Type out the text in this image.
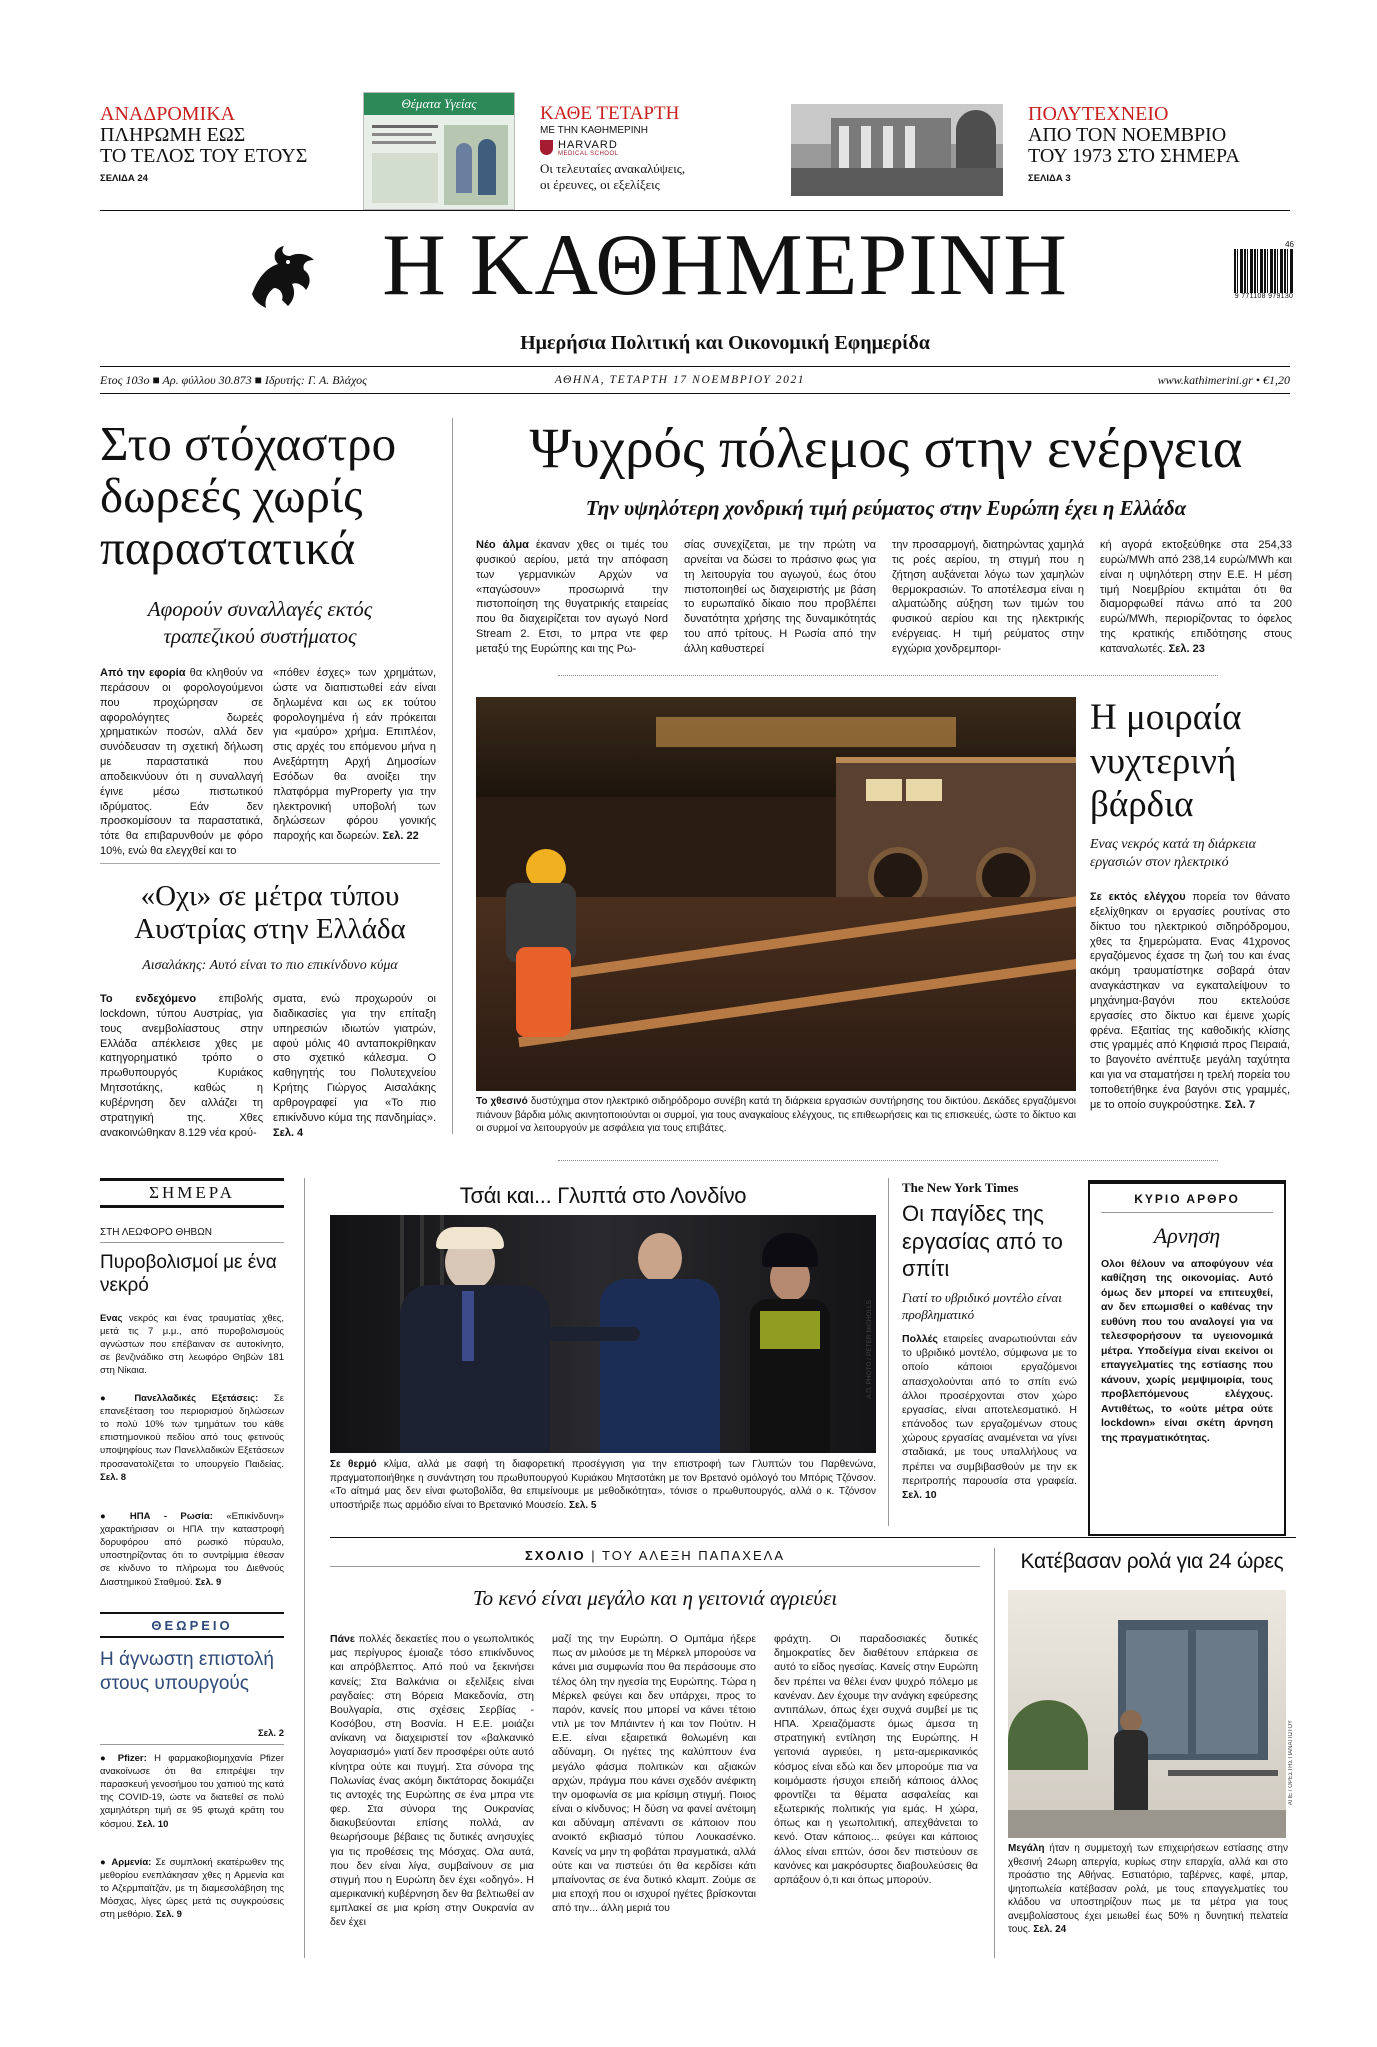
ΑΝΑΔΡΟΜΙΚΑ
ΠΛΗΡΩΜΗ ΕΩΣ
ΤΟ ΤΕΛΟΣ ΤΟΥ ΕΤΟΥΣ
ΣΕΛΙΔΑ 24
Θέματα Υγείας	ΚΑΘΕ ΤΕΤΑΡΤΗ
ΜΕ ΤΗΝ ΚΑΘΗΜΕΡΙΝΗ
HARVARD
MEDICAL SCHOOL
Οι τελευταίες ανακαλύψεις,
οι έρευνες, οι εξελίξεις
ΠΟΛΥΤΕΧΝΕΙΟ
ΑΠΟ ΤΟΝ ΝΟΕΜΒΡΙΟ
ΤΟΥ 1973 ΣΤΟ ΣΗΜΕΡΑ
ΣΕΛΙΔΑ 3
Η ΚΑΘΗΜΕΡΙΝΗ
Ημερήσια Πολιτική και Οικονομική Εφημερίδα
46
9 771108 979130
Ετος 103ο ■ Αρ. φύλλου 30.873 ■ Ιδρυτής: Γ. Α. Βλάχος	ΑΘΗΝΑ, ΤΕΤΑΡΤΗ 17 ΝΟΕΜΒΡΙΟΥ 2021	www.kathimerini.gr • €1,20
Στο στόχαστρο δωρεές χωρίς παραστατικά
Αφορούν συναλλαγές εκτός τραπεζικού συστήματος
Από την εφορία θα κληθούν να περάσουν οι φορολογούμενοι που προχώρησαν σε αφορολόγητες δωρεές χρηματικών ποσών, αλλά δεν συνόδευσαν τη σχετική δήλωση με παραστατικά που αποδεικνύουν ότι η συναλλαγή έγινε μέσω πιστωτικού ιδρύματος. Εάν δεν προσκομίσουν τα παραστατικά, τότε θα επιβαρυνθούν με φόρο 10%, ενώ θα ελεγχθεί και το
«πόθεν έσχες» των χρημάτων, ώστε να διαπιστωθεί εάν είναι δηλωμένα και ως εκ τούτου φορολογημένα ή εάν πρόκειται για «μαύρο» χρήμα. Επιπλέον, στις αρχές του επόμενου μήνα η Ανεξάρτητη Αρχή Δημοσίων Εσόδων θα ανοίξει την πλατφόρμα myProperty για την ηλεκτρονική υποβολή των δηλώσεων φόρου γονικής παροχής και δωρεών. Σελ. 22
«Οχι» σε μέτρα τύπου Αυστρίας στην Ελλάδα
Αισαλάκης: Αυτό είναι το πιο επικίνδυνο κύμα
Το ενδεχόμενο επιβολής lockdown, τύπου Αυστρίας, για τους ανεμβολίαστους στην Ελλάδα απέκλεισε χθες με κατηγορηματικό τρόπο ο πρωθυπουργός Κυριάκος Μητσοτάκης, καθώς η κυβέρνηση δεν αλλάζει τη στρατηγική της. Χθες ανακοινώθηκαν 8.129 νέα κρού-
σματα, ενώ προχωρούν οι διαδικασίες για την επίταξη υπηρεσιών ιδιωτών γιατρών, αφού μόλις 40 ανταποκρίθηκαν στο σχετικό κάλεσμα. Ο καθηγητής του Πολυτεχνείου Κρήτης Γιώργος Αισαλάκης αρθρογραφεί για «Το πιο επικίνδυνο κύμα της πανδημίας». Σελ. 4
Ψυχρός πόλεμος στην ενέργεια
Την υψηλότερη χονδρική τιμή ρεύματος στην Ευρώπη έχει η Ελλάδα
Νέο άλμα έκαναν χθες οι τιμές του φυσικού αερίου, μετά την απόφαση των γερμανικών Αρχών να «παγώσουν» προσωρινά την πιστοποίηση της θυγατρικής εταιρείας που θα διαχειρίζεται τον αγωγό Nord Stream 2. Ετσι, το μπρα ντε φερ μεταξύ της Ευρώπης και της Ρω-
σίας συνεχίζεται, με την πρώτη να αρνείται να δώσει το πράσινο φως για τη λειτουργία του αγωγού, έως ότου πιστοποιηθεί ως διαχειριστής με βάση το ευρωπαϊκό δίκαιο που προβλέπει δυνατότητα χρήσης της δυναμικότητάς του από τρίτους. Η Ρωσία από την άλλη καθυστερεί
την προσαρμογή, διατηρώντας χαμηλά τις ροές αερίου, τη στιγμή που η ζήτηση αυξάνεται λόγω των χαμηλών θερμοκρασιών. Το αποτέλεσμα είναι η αλματώδης αύξηση των τιμών του φυσικού αερίου και της ηλεκτρικής ενέργειας. Η τιμή ρεύματος στην εγχώρια χονδρεμπορι-
κή αγορά εκτοξεύθηκε στα 254,33 ευρώ/MWh από 238,14 ευρώ/MWh και είναι η υψηλότερη στην Ε.Ε. Η μέση τιμή Νοεμβρίου εκτιμάται ότι θα διαμορφωθεί πάνω από τα 200 ευρώ/MWh, περιορίζοντας το όφελος της κρατικής επιδότησης στους καταναλωτές. Σελ. 23
Το χθεσινό δυστύχημα στον ηλεκτρικό σιδηρόδρομο συνέβη κατά τη διάρκεια εργασιών συντήρησης του δικτύου. Δεκάδες εργαζόμενοι πιάνουν βάρδια μόλις ακινητοποιούνται οι συρμοί, για τους αναγκαίους ελέγχους, τις επιθεωρήσεις και τις επισκευές, ώστε το δίκτυο και οι συρμοί να λειτουργούν με ασφάλεια για τους επιβάτες.
Η μοιραία νυχτερινή βάρδια
Ενας νεκρός κατά τη διάρκεια εργασιών στον ηλεκτρικό
Σε εκτός ελέγχου πορεία τον θάνατο εξελίχθηκαν οι εργασίες ρουτίνας στο δίκτυο του ηλεκτρικού σιδηρόδρομου, χθες τα ξημερώματα. Ενας 41χρονος εργαζόμενος έχασε τη ζωή του και ένας ακόμη τραυματίστηκε σοβαρά όταν αναγκάστηκαν να εγκαταλείψουν το μηχάνημα-βαγόνι που εκτελούσε εργασίες στο δίκτυο και έμεινε χωρίς φρένα. Εξαιτίας της καθοδικής κλίσης στις γραμμές από Κηφισιά προς Πειραιά, το βαγονέτο ανέπτυξε μεγάλη ταχύτητα και για να σταματήσει η τρελή πορεία του τοποθετήθηκε ένα βαγόνι στις γραμμές, με το οποίο συγκρούστηκε. Σελ. 7
ΣΗΜΕΡΑ
ΣΤΗ ΛΕΩΦΟΡΟ ΘΗΒΩΝ
Πυροβολισμοί με ένα νεκρό
Ενας νεκρός και ένας τραυματίας χθες, μετά τις 7 μ.μ., από πυροβολισμούς αγνώστων που επέβαιναν σε αυτοκίνητο, σε βενζινάδικο στη λεωφόρο Θηβών 181 στη Νίκαια.
● Πανελλαδικές Εξετάσεις: Σε επανεξέταση του περιορισμού δηλώσεων το πολύ 10% των τμημάτων του κάθε επιστημονικού πεδίου από τους φετινούς υποψηφίους των Πανελλαδικών Εξετάσεων προσανατολίζεται το υπουργείο Παιδείας. Σελ. 8
● ΗΠΑ - Ρωσία: «Επικίνδυνη» χαρακτήρισαν οι ΗΠΑ την καταστροφή δορυφόρου από ρωσικό πύραυλο, υποστηρίζοντας ότι το συντρίμμια έθεσαν σε κίνδυνο το πλήρωμα του Διεθνούς Διαστημικού Σταθμού. Σελ. 9
ΘΕΩΡΕΙΟ
Η άγνωστη επιστολή στους υπουργούς
Σελ. 2
● Pfizer: Η φαρμακοβιομηχανία Pfizer ανακοίνωσε ότι θα επιτρέψει την παρασκευή γενοσήμου του χαπιού της κατά της COVID-19, ώστε να διατεθεί σε πολύ χαμηλότερη τιμή σε 95 φτωχά κράτη του κόσμου. Σελ. 10
● Αρμενία: Σε συμπλοκή εκατέρωθεν της μεθορίου ενεπλάκησαν χθες η Αρμενία και το Αζερμπαϊτζάν, με τη διαμεσολάβηση της Μόσχας, λίγες ώρες μετά τις συγκρούσεις στη μεθόριο. Σελ. 9
Τσάι και... Γλυπτά στο Λονδίνο
Α.Π. PHOTO / PETER NICHOLLS
Σε θερμό κλίμα, αλλά με σαφή τη διαφορετική προσέγγιση για την επιστροφή των Γλυπτών του Παρθενώνα, πραγματοποιήθηκε η συνάντηση του πρωθυπουργού Κυριάκου Μητσοτάκη με τον Βρετανό ομόλογό του Μπόρις Τζόνσον. «Το αίτημά μας δεν είναι φωτοβολίδα, θα επιμείνουμε με μεθοδικότητα», τόνισε ο πρωθυπουργός, αλλά ο κ. Τζόνσον υποστήριξε πως αρμόδιο είναι το Βρετανικό Μουσείο. Σελ. 5
The New York Times
Οι παγίδες της εργασίας από το σπίτι
Γιατί το υβριδικό μοντέλο είναι προβληματικό
Πολλές εταιρείες αναρωτιούνται εάν το υβριδικό μοντέλο, σύμφωνα με το οποίο κάποιοι εργαζόμενοι απασχολούνται από το σπίτι ενώ άλλοι προσέρχονται στον χώρο εργασίας, είναι αποτελεσματικό. Η επάνοδος των εργαζομένων στους χώρους εργασίας αναμένεται να γίνει σταδιακά, με τους υπαλλήλους να πρέπει να συμβιβασθούν με την εκ περιτροπής παρουσία στα γραφεία. Σελ. 10
ΚΥΡΙΟ ΑΡΘΡΟ
Αρνηση
Ολοι θέλουν να αποφύγουν νέα καθίζηση της οικονομίας. Αυτό όμως δεν μπορεί να επιτευχθεί, αν δεν επωμισθεί ο καθένας την ευθύνη που του αναλογεί για να τελεσφορήσουν τα υγειονομικά μέτρα. Υποδείγμα είναι εκείνοι οι επαγγελματίες της εστίασης που κάνουν, χωρίς μεμψιμοιρία, τους προβλεπόμενους ελέγχους. Αντιθέτως, το «ούτε μέτρα ούτε lockdown» είναι σκέτη άρνηση της πραγματικότητας.
ΣΧΟΛΙΟ | ΤΟΥ ΑΛΕΞΗ ΠΑΠΑΧΕΛΑ
Το κενό είναι μεγάλο και η γειτονιά αγριεύει
Πάνε πολλές δεκαετίες που ο γεωπολιτικός μας περίγυρος έμοιαζε τόσο επικίνδυνος και απρόβλεπτος. Από πού να ξεκινήσει κανείς; Στα Βαλκάνια οι εξελίξεις είναι ραγδαίες: στη Βόρεια Μακεδονία, στη Βουλγαρία, στις σχέσεις Σερβίας - Κοσόβου, στη Βοσνία. Η Ε.Ε. μοιάζει ανίκανη να διαχειριστεί τον «βαλκανικό λογαριασμό» γιατί δεν προσφέρει ούτε αυτό κίνητρα ούτε και πυγμή. Στα σύνορα της Πολωνίας ένας ακόμη δικτάτορας δοκιμάζει τις αντοχές της Ευρώπης σε ένα μπρα ντε φερ. Στα σύνορα της Ουκρανίας διακυβεύονται επίσης πολλά, αν θεωρήσουμε βέβαιες τις δυτικές ανησυχίες για τις προθέσεις της Μόσχας. Ολα αυτά, που δεν είναι λίγα, συμβαίνουν σε μια στιγμή που η Ευρώπη δεν έχει «οδηγό». Η αμερικανική κυβέρνηση δεν θα βελτιωθεί αν εμπλακεί σε μια κρίση στην Ουκρανία αν δεν έχει
μαζί της την Ευρώπη. Ο Ομπάμα ήξερε πως αν μιλούσε με τη Μέρκελ μπορούσε να κάνει μια συμφωνία που θα περάσουμε στο τέλος όλη την ηγεσία της Ευρώπης. Τώρα η Μέρκελ φεύγει και δεν υπάρχει, προς το παρόν, κανείς που μπορεί να κάνει τέτοιο ντιλ με τον Μπάιντεν ή και τον Πούτιν. Η Ε.Ε. είναι εξαιρετικά θολωμένη και αδύναμη. Οι ηγέτες της καλύπτουν ένα μεγάλο φάσμα πολιτικών και αξιακών αρχών, πράγμα που κάνει σχεδόν ανέφικτη την ομοφωνία σε μια κρίσιμη στιγμή. Ποιος είναι ο κίνδυνος; Η δύση να φανεί ανέτοιμη και αδύναμη απέναντι σε κάποιον που ανοικτό εκβιασμό τύπου Λουκασένκο. Κανείς να μην τη φοβάται πραγματικά, αλλά ούτε και να πιστεύει ότι θα κερδίσει κάτι μπαίνοντας σε ένα δυτικό κλαμπ. Ζούμε σε μια εποχή που οι ισχυροί ηγέτες βρίσκονται από την... άλλη μεριά του
φράχτη. Οι παραδοσιακές δυτικές δημοκρατίες δεν διαθέτουν επάρκεια σε αυτό το είδος ηγεσίας. Κανείς στην Ευρώπη δεν πρέπει να θέλει έναν ψυχρό πόλεμο με κανέναν. Δεν έχουμε την ανάγκη εφεύρεσης αντιπάλων, όπως έχει συχνά συμβεί με τις ΗΠΑ. Χρειαζόμαστε όμως άμεσα τη στρατηγική εντίληση της Ευρώπης. Η γειτονιά αγριεύει, η μετα-αμερικανικός κόσμος είναι εδώ και δεν μπορούμε πια να κοιμόμαστε ήσυχοι επειδή κάποιος άλλος φροντίζει τα θέματα ασφαλείας και εξωτερικής πολιτικής για εμάς. Η χώρα, όπως και η γεωπολιτική, απεχθάνεται το κενό. Οταν κάποιος... φεύγει και κάποιος άλλος είναι επτών, όσοι δεν πιστεύουν σε κανόνες και μακρόσυρτες διαβουλεύσεις θα αρπάξουν ό,τι και όπως μπορούν.
Κατέβασαν ρολά για 24 ώρες
ΑΠΕ / ΟΡΕΣΤΗΣ ΠΑΝΑΓΙΩΤΟΥ
Μεγάλη ήταν η συμμετοχή των επιχειρήσεων εστίασης στην χθεσινή 24ωρη απεργία, κυρίως στην επαρχία, αλλά και στο προάστιο της Αθήνας. Εστιατόριο, ταβέρνες, καφέ, μπαρ, ψητοπωλεία κατέβασαν ρολά, με τους επαγγελματίες του κλάδου να υποστηρίζουν πως με τα μέτρα για τους ανεμβολίαστους έχει μειωθεί έως 50% η δυνητική πελατεία τους. Σελ. 24
